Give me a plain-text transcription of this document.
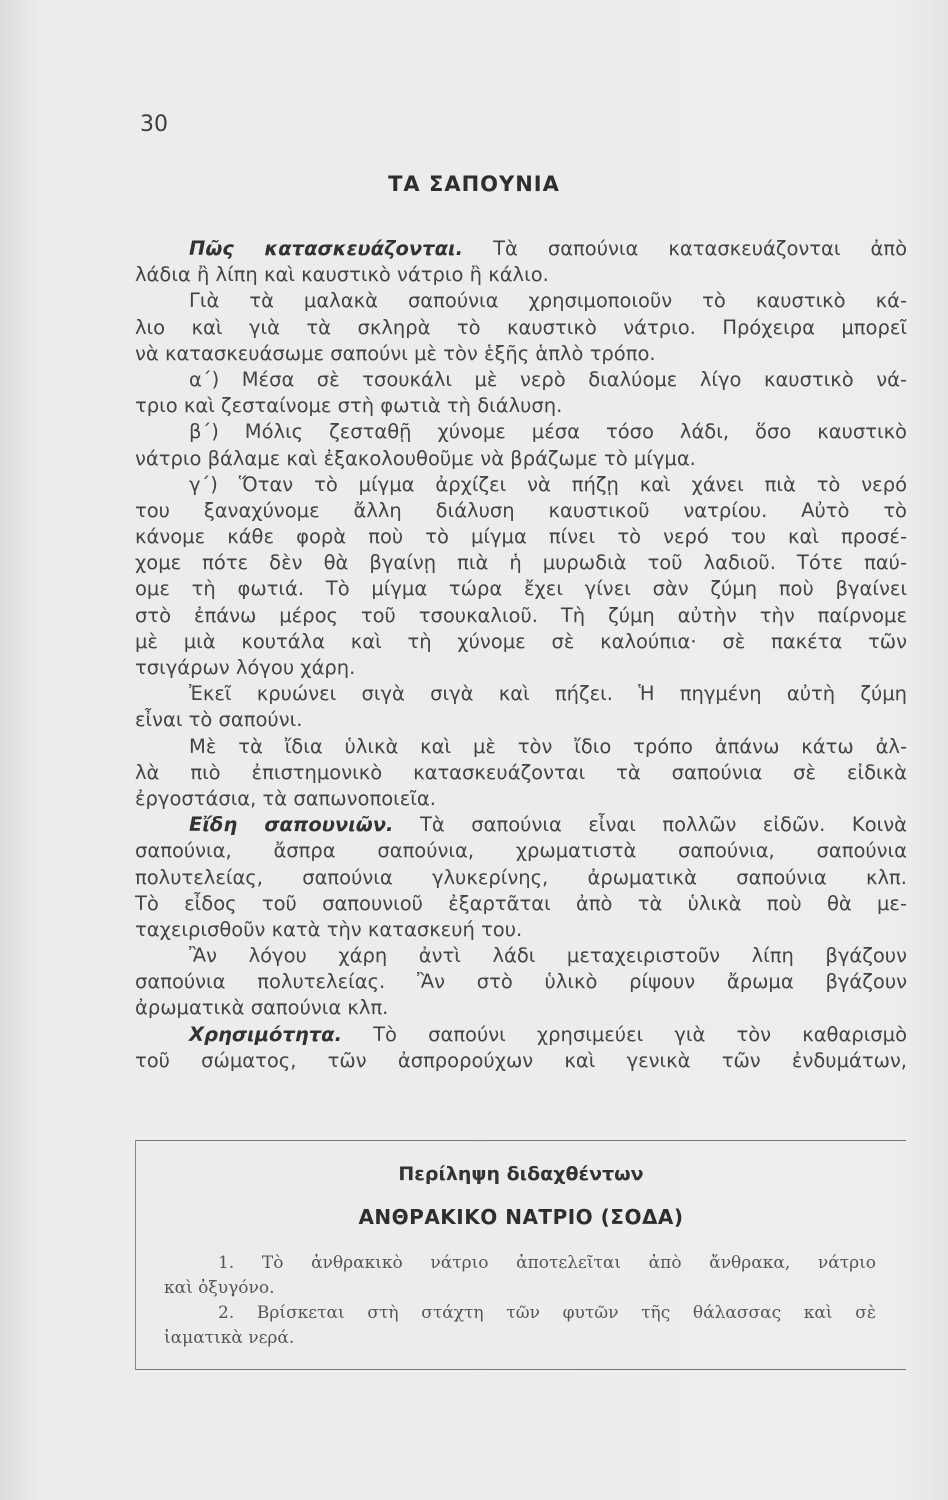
30
ΤΑ ΣΑΠΟΥΝΙΑ
Πῶς κατασκευάζονται. Τὰ σαπούνια κατασκευάζονται ἀπὸ
λάδια ἢ λίπη καὶ καυστικὸ νάτριο ἢ κάλιο.
Γιὰ τὰ μαλακὰ σαπούνια χρησιμοποιοῦν τὸ καυστικὸ κά-
λιο καὶ γιὰ τὰ σκληρὰ τὸ καυστικὸ νάτριο. Πρόχειρα μπορεῖ
νὰ κατασκευάσωμε σαπούνι μὲ τὸν ἑξῆς ἁπλὸ τρόπο.
α΄) Μέσα σὲ τσουκάλι μὲ νερὸ διαλύομε λίγο καυστικὸ νά-
τριο καὶ ζεσταίνομε στὴ φωτιὰ τὴ διάλυση.
β΄) Μόλις ζεσταθῇ χύνομε μέσα τόσο λάδι, ὅσο καυστικὸ
νάτριο βάλαμε καὶ ἐξακολουθοῦμε νὰ βράζωμε τὸ μίγμα.
γ΄) Ὅταν τὸ μίγμα ἀρχίζει νὰ πήζῃ καὶ χάνει πιὰ τὸ νερό
του ξαναχύνομε ἄλλη διάλυση καυστικοῦ νατρίου. Αὐτὸ τὸ
κάνομε κάθε φορὰ ποὺ τὸ μίγμα πίνει τὸ νερό του καὶ προσέ-
χομε πότε δὲν θὰ βγαίνῃ πιὰ ἡ μυρωδιὰ τοῦ λαδιοῦ. Τότε παύ-
ομε τὴ φωτιά. Τὸ μίγμα τώρα ἔχει γίνει σὰν ζύμη ποὺ βγαίνει
στὸ ἐπάνω μέρος τοῦ τσουκαλιοῦ. Τὴ ζύμη αὐτὴν τὴν παίρνομε
μὲ μιὰ κουτάλα καὶ τὴ χύνομε σὲ καλούπια· σὲ πακέτα τῶν
τσιγάρων λόγου χάρη.
Ἐκεῖ κρυώνει σιγὰ σιγὰ καὶ πήζει. Ἡ πηγμένη αὐτὴ ζύμη
εἶναι τὸ σαπούνι.
Μὲ τὰ ἴδια ὑλικὰ καὶ μὲ τὸν ἴδιο τρόπο ἀπάνω κάτω ἀλ-
λὰ πιὸ ἐπιστημονικὸ κατασκευάζονται τὰ σαπούνια σὲ εἰδικὰ
ἐργοστάσια, τὰ σαπωνοποιεῖα.
Εἴδη σαπουνιῶν. Τὰ σαπούνια εἶναι πολλῶν εἰδῶν. Κοινὰ
σαπούνια, ἄσπρα σαπούνια, χρωματιστὰ σαπούνια, σαπούνια
πολυτελείας, σαπούνια γλυκερίνης, ἀρωματικὰ σαπούνια κλπ.
Τὸ εἶδος τοῦ σαπουνιοῦ ἐξαρτᾶται ἀπὸ τὰ ὑλικὰ ποὺ θὰ με-
ταχειρισθοῦν κατὰ τὴν κατασκευή του.
Ἂν λόγου χάρη ἀντὶ λάδι μεταχειριστοῦν λίπη βγάζουν
σαπούνια πολυτελείας. Ἂν στὸ ὑλικὸ ρίψουν ἄρωμα βγάζουν
ἀρωματικὰ σαπούνια κλπ.
Χρησιμότητα. Τὸ σαπούνι χρησιμεύει γιὰ τὸν καθαρισμὸ
τοῦ σώματος, τῶν ἀσπρορούχων καὶ γενικὰ τῶν ἐνδυμάτων,
Περίληψη διδαχθέντων
ΑΝΘΡΑΚΙΚΟ ΝΑΤΡΙΟ (ΣΟΔΑ)
1. Τὸ ἀνθρακικὸ νάτριο ἀποτελεῖται ἀπὸ ἄνθρακα, νάτριο
καὶ ὀξυγόνο.
2. Βρίσκεται στὴ στάχτη τῶν φυτῶν τῆς θάλασσας καὶ σὲ
ἰαματικὰ νερά.
